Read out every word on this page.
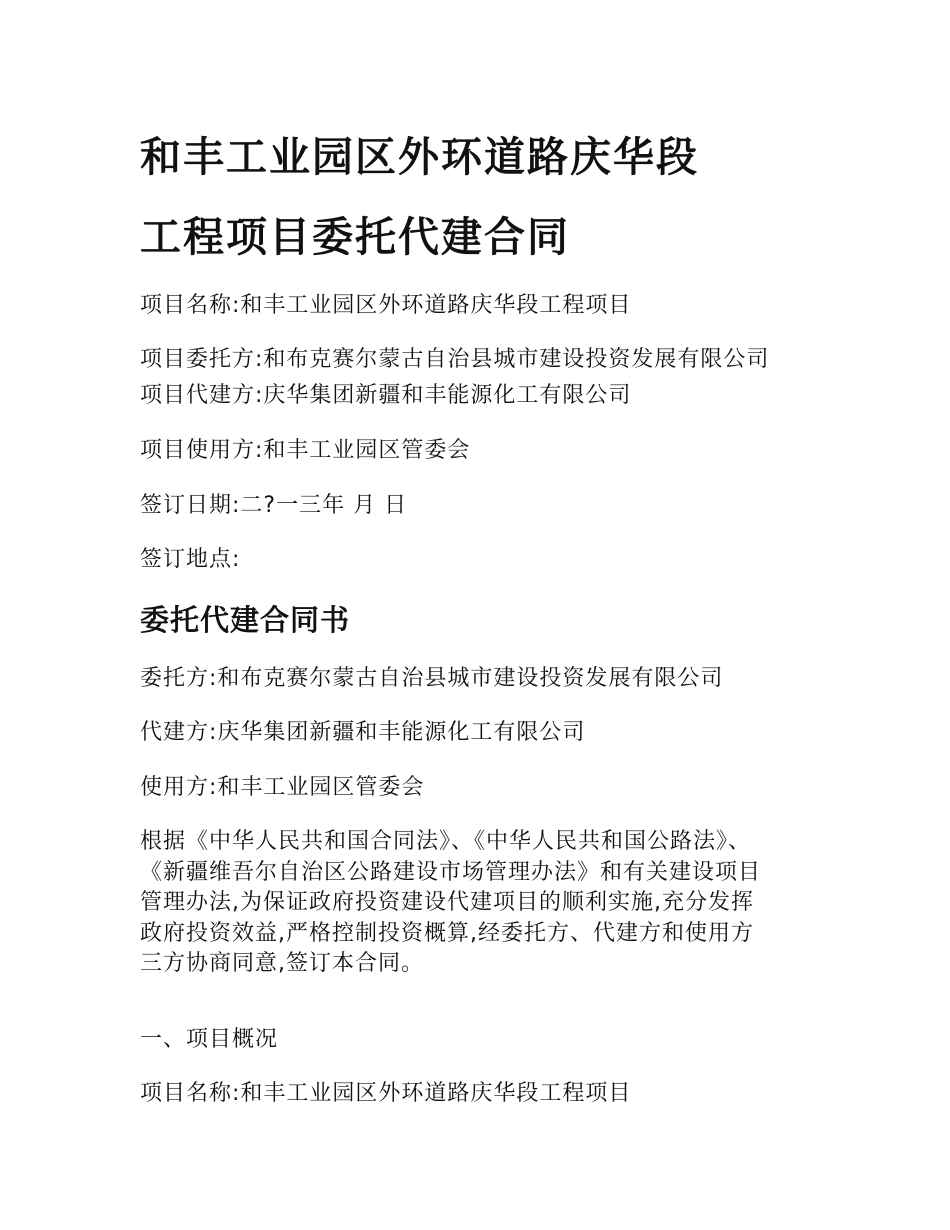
和丰工业园区外环道路庆华段
工程项目委托代建合同

项目名称:和丰工业园区外环道路庆华段工程项目

项目委托方:和布克赛尔蒙古自治县城市建设投资发展有限公司

项目代建方:庆华集团新疆和丰能源化工有限公司

项目使用方:和丰工业园区管委会

签订日期:二?一三年 月 日

签订地点:

委托代建合同书

委托方:和布克赛尔蒙古自治县城市建设投资发展有限公司

代建方:庆华集团新疆和丰能源化工有限公司

使用方:和丰工业园区管委会

根据《中华人民共和国合同法》、《中华人民共和国公路法》、
《新疆维吾尔自治区公路建设市场管理办法》和有关建设项目
管理办法,为保证政府投资建设代建项目的顺利实施,充分发挥
政府投资效益,严格控制投资概算,经委托方、代建方和使用方
三方协商同意,签订本合同。
一、项目概况

项目名称:和丰工业园区外环道路庆华段工程项目
